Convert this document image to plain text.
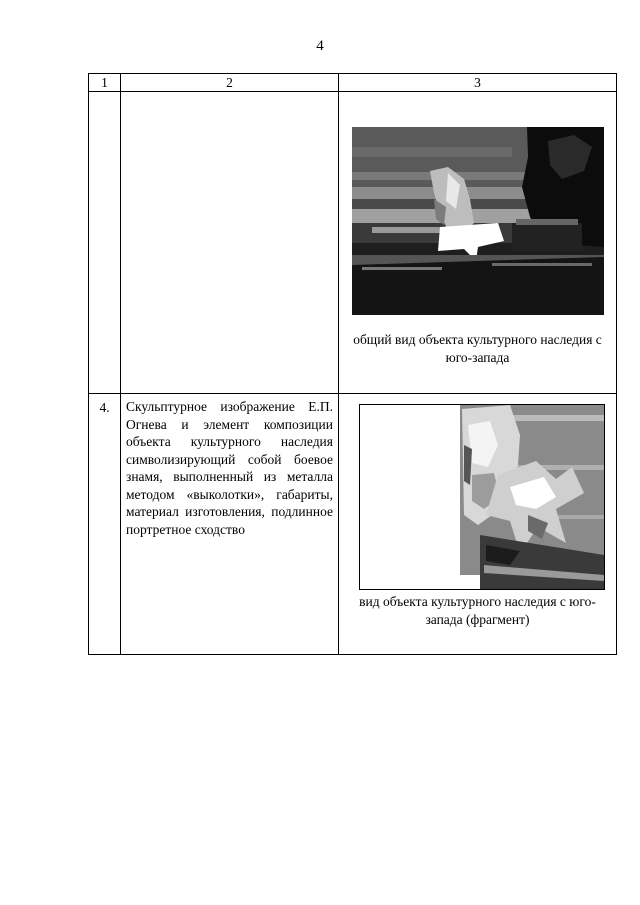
4
1	2	3

		общий вид объекта культурного наследия с юго-запада

4.	Скульптурное изображение Е.П. Огнева и элемент композиции объекта культурного наследия символизирующий собой боевое знамя, выполненный из металла методом «выколотки», габариты, материал изготовления, подлинное портретное сходство	вид объекта культурного наследия с юго-запада (фрагмент)
